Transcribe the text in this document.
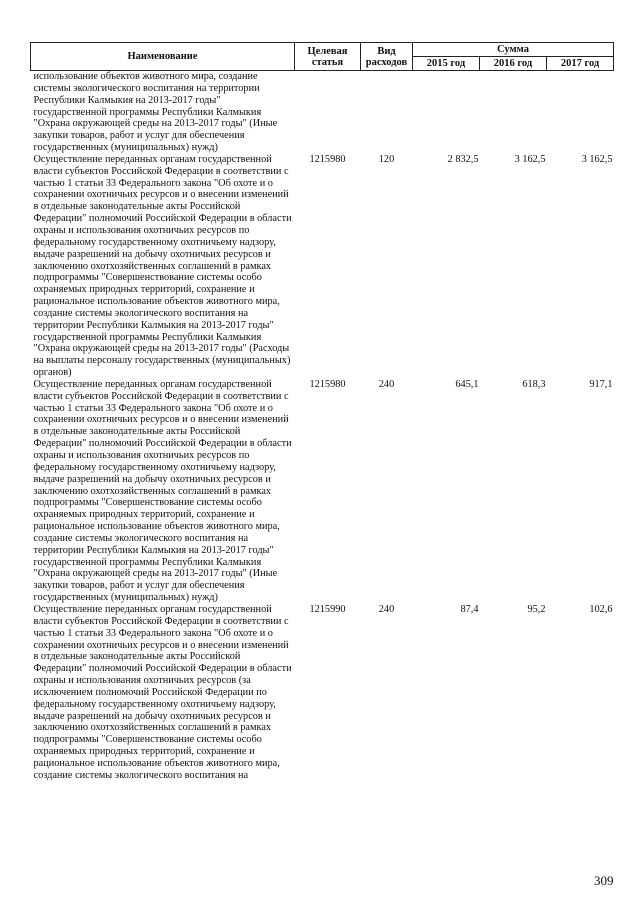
Наименование	Целевая статья	Вид расходов	Сумма		
			2015 год	2016 год	2017 год
использование объектов животного мира, создание системы экологического воспитания на территории Республики Калмыкия на 2013-2017 годы" государственной программы Республики Калмыкия "Охрана окружающей среды на 2013-2017 годы" (Иные закупки товаров, работ и услуг для обеспечения государственных (муниципальных) нужд)					
Осуществление переданных органам государственной власти субъектов Российской Федерации в соответствии с частью 1 статьи 33 Федерального закона "Об охоте и о сохранении охотничьих ресурсов и о внесении изменений в отдельные законодательные акты Российской Федерации" полномочий Российской Федерации в области охраны и использования охотничьих ресурсов по федеральному государственному охотничьему надзору, выдаче разрешений на добычу охотничьих ресурсов и заключению охотхозяйственных соглашений в рамках подпрограммы "Совершенствование системы особо охраняемых природных территорий, сохранение и рациональное использование объектов животного мира, создание системы экологического воспитания на территории Республики Калмыкия на 2013-2017 годы" государственной программы Республики Калмыкия "Охрана окружающей среды на 2013-2017 годы" (Расходы на выплаты персоналу государственных (муниципальных) органов)	1215980	120	2 832,5	3 162,5	3 162,5
Осуществление переданных органам государственной власти субъектов Российской Федерации в соответствии с частью 1 статьи 33 Федерального закона "Об охоте и о сохранении охотничьих ресурсов и о внесении изменений в отдельные законодательные акты Российской Федерации" полномочий Российской Федерации в области охраны и использования охотничьих ресурсов по федеральному государственному охотничьему надзору, выдаче разрешений на добычу охотничьих ресурсов и заключению охотхозяйственных соглашений в рамках подпрограммы "Совершенствование системы особо охраняемых природных территорий, сохранение и рациональное использование объектов животного мира, создание системы экологического воспитания на территории Республики Калмыкия на 2013-2017 годы" государственной программы Республики Калмыкия "Охрана окружающей среды на 2013-2017 годы" (Иные закупки товаров, работ и услуг для обеспечения государственных (муниципальных) нужд)	1215980	240	645,1	618,3	917,1
Осуществление переданных органам государственной власти субъектов Российской Федерации в соответствии с частью 1 статьи 33 Федерального закона "Об охоте и о сохранении охотничьих ресурсов и о внесении изменений в отдельные законодательные акты Российской Федерации" полномочий Российской Федерации в области охраны и использования охотничьих ресурсов (за исключением полномочий Российской Федерации по федеральному государственному охотничьему надзору, выдаче разрешений на добычу охотничьих ресурсов и заключению охотхозяйственных соглашений в рамках подпрограммы "Совершенствование системы особо охраняемых природных территорий, сохранение и рациональное использование объектов животного мира, создание системы экологического воспитания на	1215990	240	87,4	95,2	102,6
309
